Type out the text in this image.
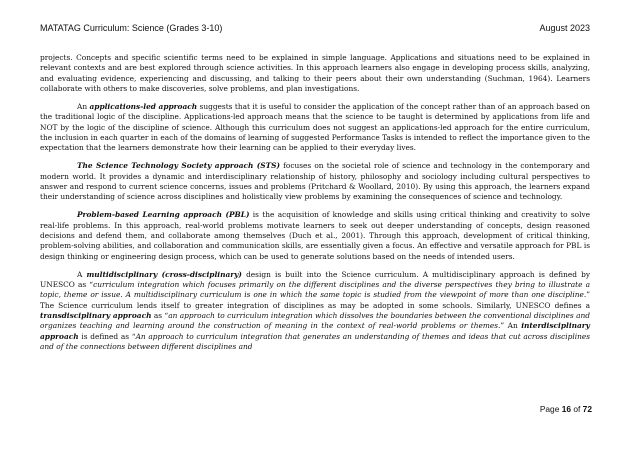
MATATAG Curriculum: Science (Grades 3-10)	August 2023

projects. Concepts and specific scientific terms need to be explained in simple language. Applications and situations need to be explained in relevant contexts and are best explored through science activities. In this approach learners also engage in developing process skills, analyzing, and evaluating evidence, experiencing and discussing, and talking to their peers about their own understanding (Suchman, 1964). Learners collaborate with others to make discoveries, solve problems, and plan investigations.

An applications-led approach suggests that it is useful to consider the application of the concept rather than of an approach based on the traditional logic of the discipline. Applications-led approach means that the science to be taught is determined by applications from life and NOT by the logic of the discipline of science. Although this curriculum does not suggest an applications-led approach for the entire curriculum, the inclusion in each quarter in each of the domains of learning of suggested Performance Tasks is intended to reflect the importance given to the expectation that the learners demonstrate how their learning can be applied to their everyday lives.

The Science Technology Society approach (STS) focuses on the societal role of science and technology in the contemporary and modern world. It provides a dynamic and interdisciplinary relationship of history, philosophy and sociology including cultural perspectives to answer and respond to current science concerns, issues and problems (Pritchard & Woollard, 2010). By using this approach, the learners expand their understanding of science across disciplines and holistically view problems by examining the consequences of science and technology.

Problem-based Learning approach (PBL) is the acquisition of knowledge and skills using critical thinking and creativity to solve real-life problems. In this approach, real-world problems motivate learners to seek out deeper understanding of concepts, design reasoned decisions and defend them, and collaborate among themselves (Duch et al., 2001). Through this approach, development of critical thinking, problem-solving abilities, and collaboration and communication skills, are essentially given a focus. An effective and versatile approach for PBL is design thinking or engineering design process, which can be used to generate solutions based on the needs of intended users.

A multidisciplinary (cross-disciplinary) design is built into the Science curriculum. A multidisciplinary approach is defined by UNESCO as “curriculum integration which focuses primarily on the different disciplines and the diverse perspectives they bring to illustrate a topic, theme or issue. A multidisciplinary curriculum is one in which the same topic is studied from the viewpoint of more than one discipline.” The Science curriculum lends itself to greater integration of disciplines as may be adopted in some schools. Similarly, UNESCO defines a transdisciplinary approach as “an approach to curriculum integration which dissolves the boundaries between the conventional disciplines and organizes teaching and learning around the construction of meaning in the context of real-world problems or themes.” An interdisciplinary approach is defined as “An approach to curriculum integration that generates an understanding of themes and ideas that cut across disciplines and of the connections between different disciplines and

Page 16 of 72
